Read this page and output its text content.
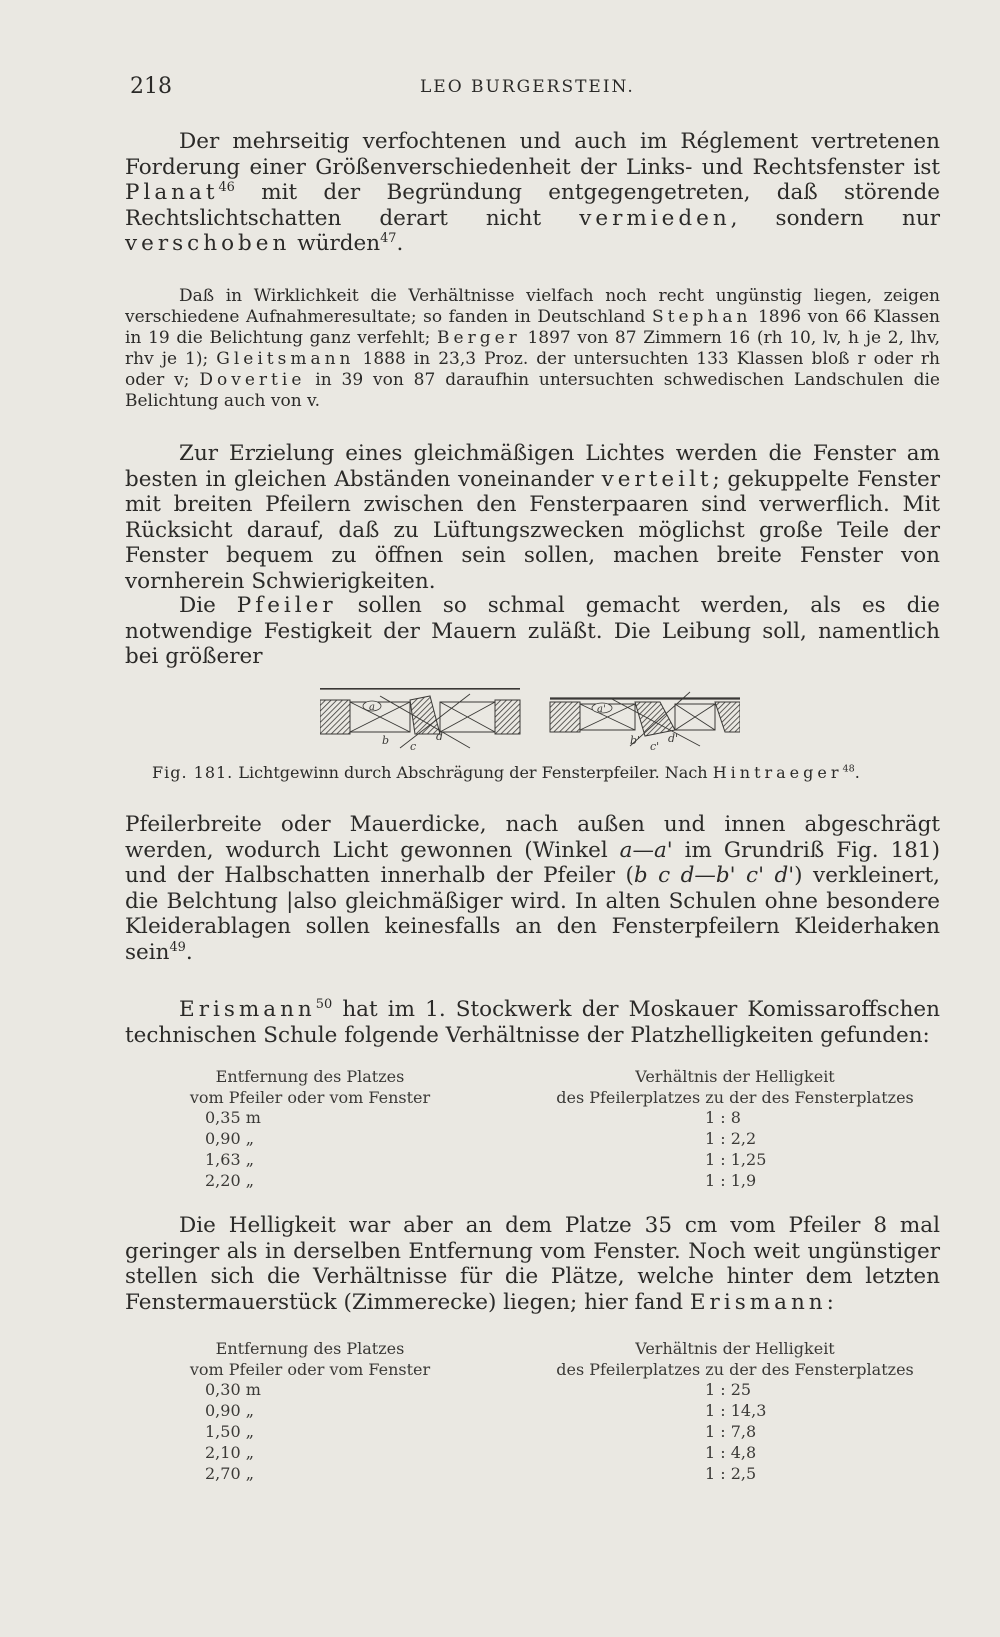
218	LEO BURGERSTEIN.

Der mehrseitig verfochtenen und auch im Réglement vertretenen Forderung einer Größenverschiedenheit der Links- und Rechtsfenster ist Planat$^{46}$ mit der Begründung entgegengetreten, daß störende Rechtslichtschatten derart nicht vermieden, sondern nur verschoben würden$^{47}$.

Daß in Wirklichkeit die Verhältnisse vielfach noch recht ungünstig liegen, zeigen verschiedene Aufnahmeresultate; so fanden in Deutschland Stephan 1896 von 66 Klassen in 19 die Belichtung ganz verfehlt; Berger 1897 von 87 Zimmern 16 (rh 10, lv, h je 2, lhv, rhv je 1); Gleitsmann 1888 in 23,3 Proz. der untersuchten 133 Klassen bloß r oder rh oder v; Dovertie in 39 von 87 daraufhin untersuchten schwedischen Landschulen die Belichtung auch von v.

Zur Erzielung eines gleichmäßigen Lichtes werden die Fenster am besten in gleichen Abständen voneinander verteilt; gekuppelte Fenster mit breiten Pfeilern zwischen den Fensterpaaren sind verwerflich. Mit Rücksicht darauf, daß zu Lüftungszwecken möglichst große Teile der Fenster bequem zu öffnen sein sollen, machen breite Fenster von vornherein Schwierigkeiten.

Die Pfeiler sollen so schmal gemacht werden, als es die notwendige Festigkeit der Mauern zuläßt. Die Leibung soll, namentlich bei größerer

a
b c
d
a'
b' c'
d'
Fig. 181. Lichtgewinn durch Abschrägung der Fensterpfeiler. Nach Hintraeger$^{48}$.

Pfeilerbreite oder Mauerdicke, nach außen und innen abgeschrägt werden, wodurch Licht gewonnen (Winkel a—a' im Grundriß Fig. 181) und der Halbschatten innerhalb der Pfeiler (b c d—b' c' d') verkleinert, die Belchtung |also gleichmäßiger wird. In alten Schulen ohne besondere Kleiderablagen sollen keinesfalls an den Fensterpfeilern Kleiderhaken sein$^{49}$.

Erismann$^{50}$ hat im 1. Stockwerk der Moskauer Komissaroffschen technischen Schule folgende Verhältnisse der Platzhelligkeiten gefunden:

Entfernung des Platzes	Verhältnis der Helligkeit
vom Pfeiler oder vom Fenster	des Pfeilerplatzes zu der des Fensterplatzes
0,35 m	1 : 8
0,90 „	1 : 2,2
1,63 „	1 : 1,25
2,20 „	1 : 1,9

Die Helligkeit war aber an dem Platze 35 cm vom Pfeiler 8 mal geringer als in derselben Entfernung vom Fenster. Noch weit ungünstiger stellen sich die Verhältnisse für die Plätze, welche hinter dem letzten Fenstermauerstück (Zimmerecke) liegen; hier fand Erismann:

Entfernung des Platzes	Verhältnis der Helligkeit
vom Pfeiler oder vom Fenster	des Pfeilerplatzes zu der des Fensterplatzes
0,30 m	1 : 25
0,90 „	1 : 14,3
1,50 „	1 : 7,8
2,10 „	1 : 4,8
2,70 „	1 : 2,5
